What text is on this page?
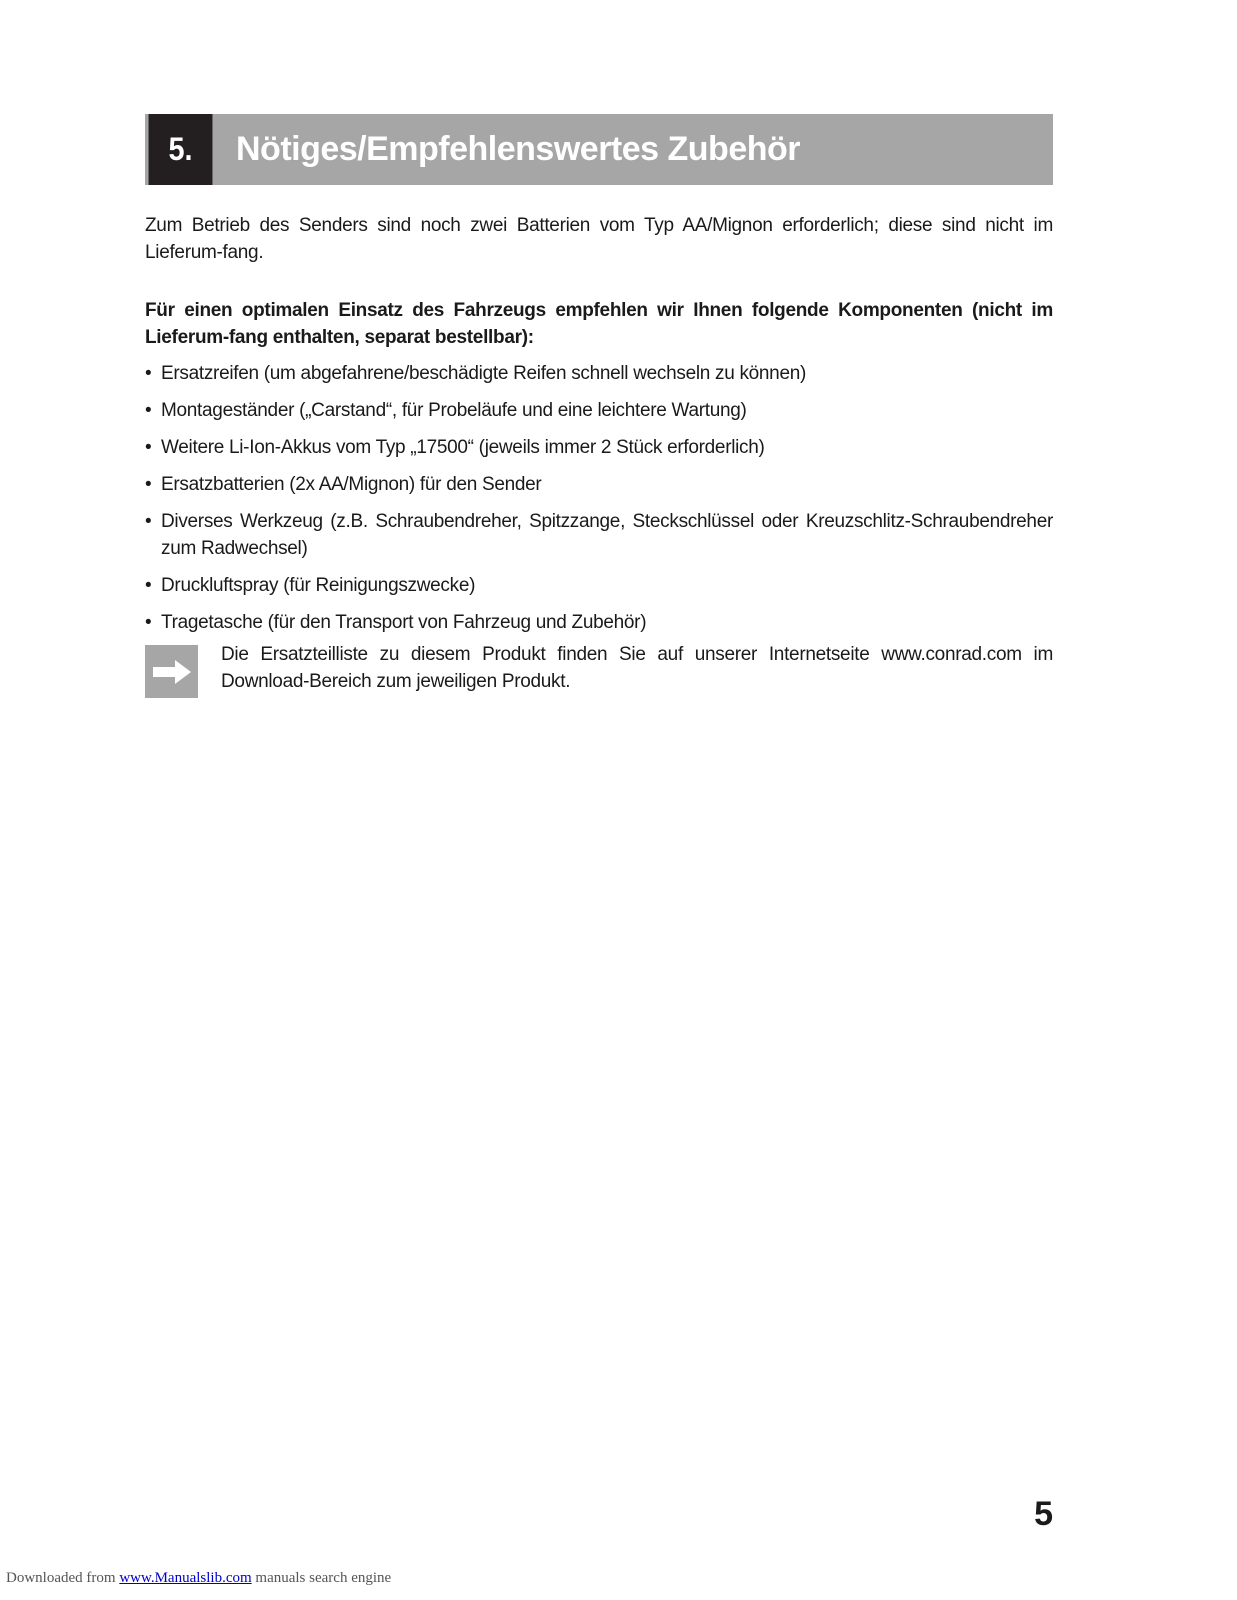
5.	Nötiges/Empfehlenswertes Zubehör

Zum Betrieb des Senders sind noch zwei Batterien vom Typ AA/Mignon erforderlich; diese sind nicht im Lieferum-fang.

Für einen optimalen Einsatz des Fahrzeugs empfehlen wir Ihnen folgende Komponenten (nicht im Lieferum-fang enthalten, separat bestellbar):

• Ersatzreifen (um abgefahrene/beschädigte Reifen schnell wechseln zu können)
• Montageständer („Carstand“, für Probeläufe und eine leichtere Wartung)
• Weitere Li-Ion-Akkus vom Typ „17500“ (jeweils immer 2 Stück erforderlich)
• Ersatzbatterien (2x AA/Mignon) für den Sender
• Diverses Werkzeug (z.B. Schraubendreher, Spitzzange, Steckschlüssel oder Kreuzschlitz-Schraubendreher zum Radwechsel)
• Druckluftspray (für Reinigungszwecke)
• Tragetasche (für den Transport von Fahrzeug und Zubehör)

Die Ersatzteilliste zu diesem Produkt finden Sie auf unserer Internetseite www.conrad.com im Download-Bereich zum jeweiligen Produkt.

5
Downloaded from www.Manualslib.com manuals search engine
